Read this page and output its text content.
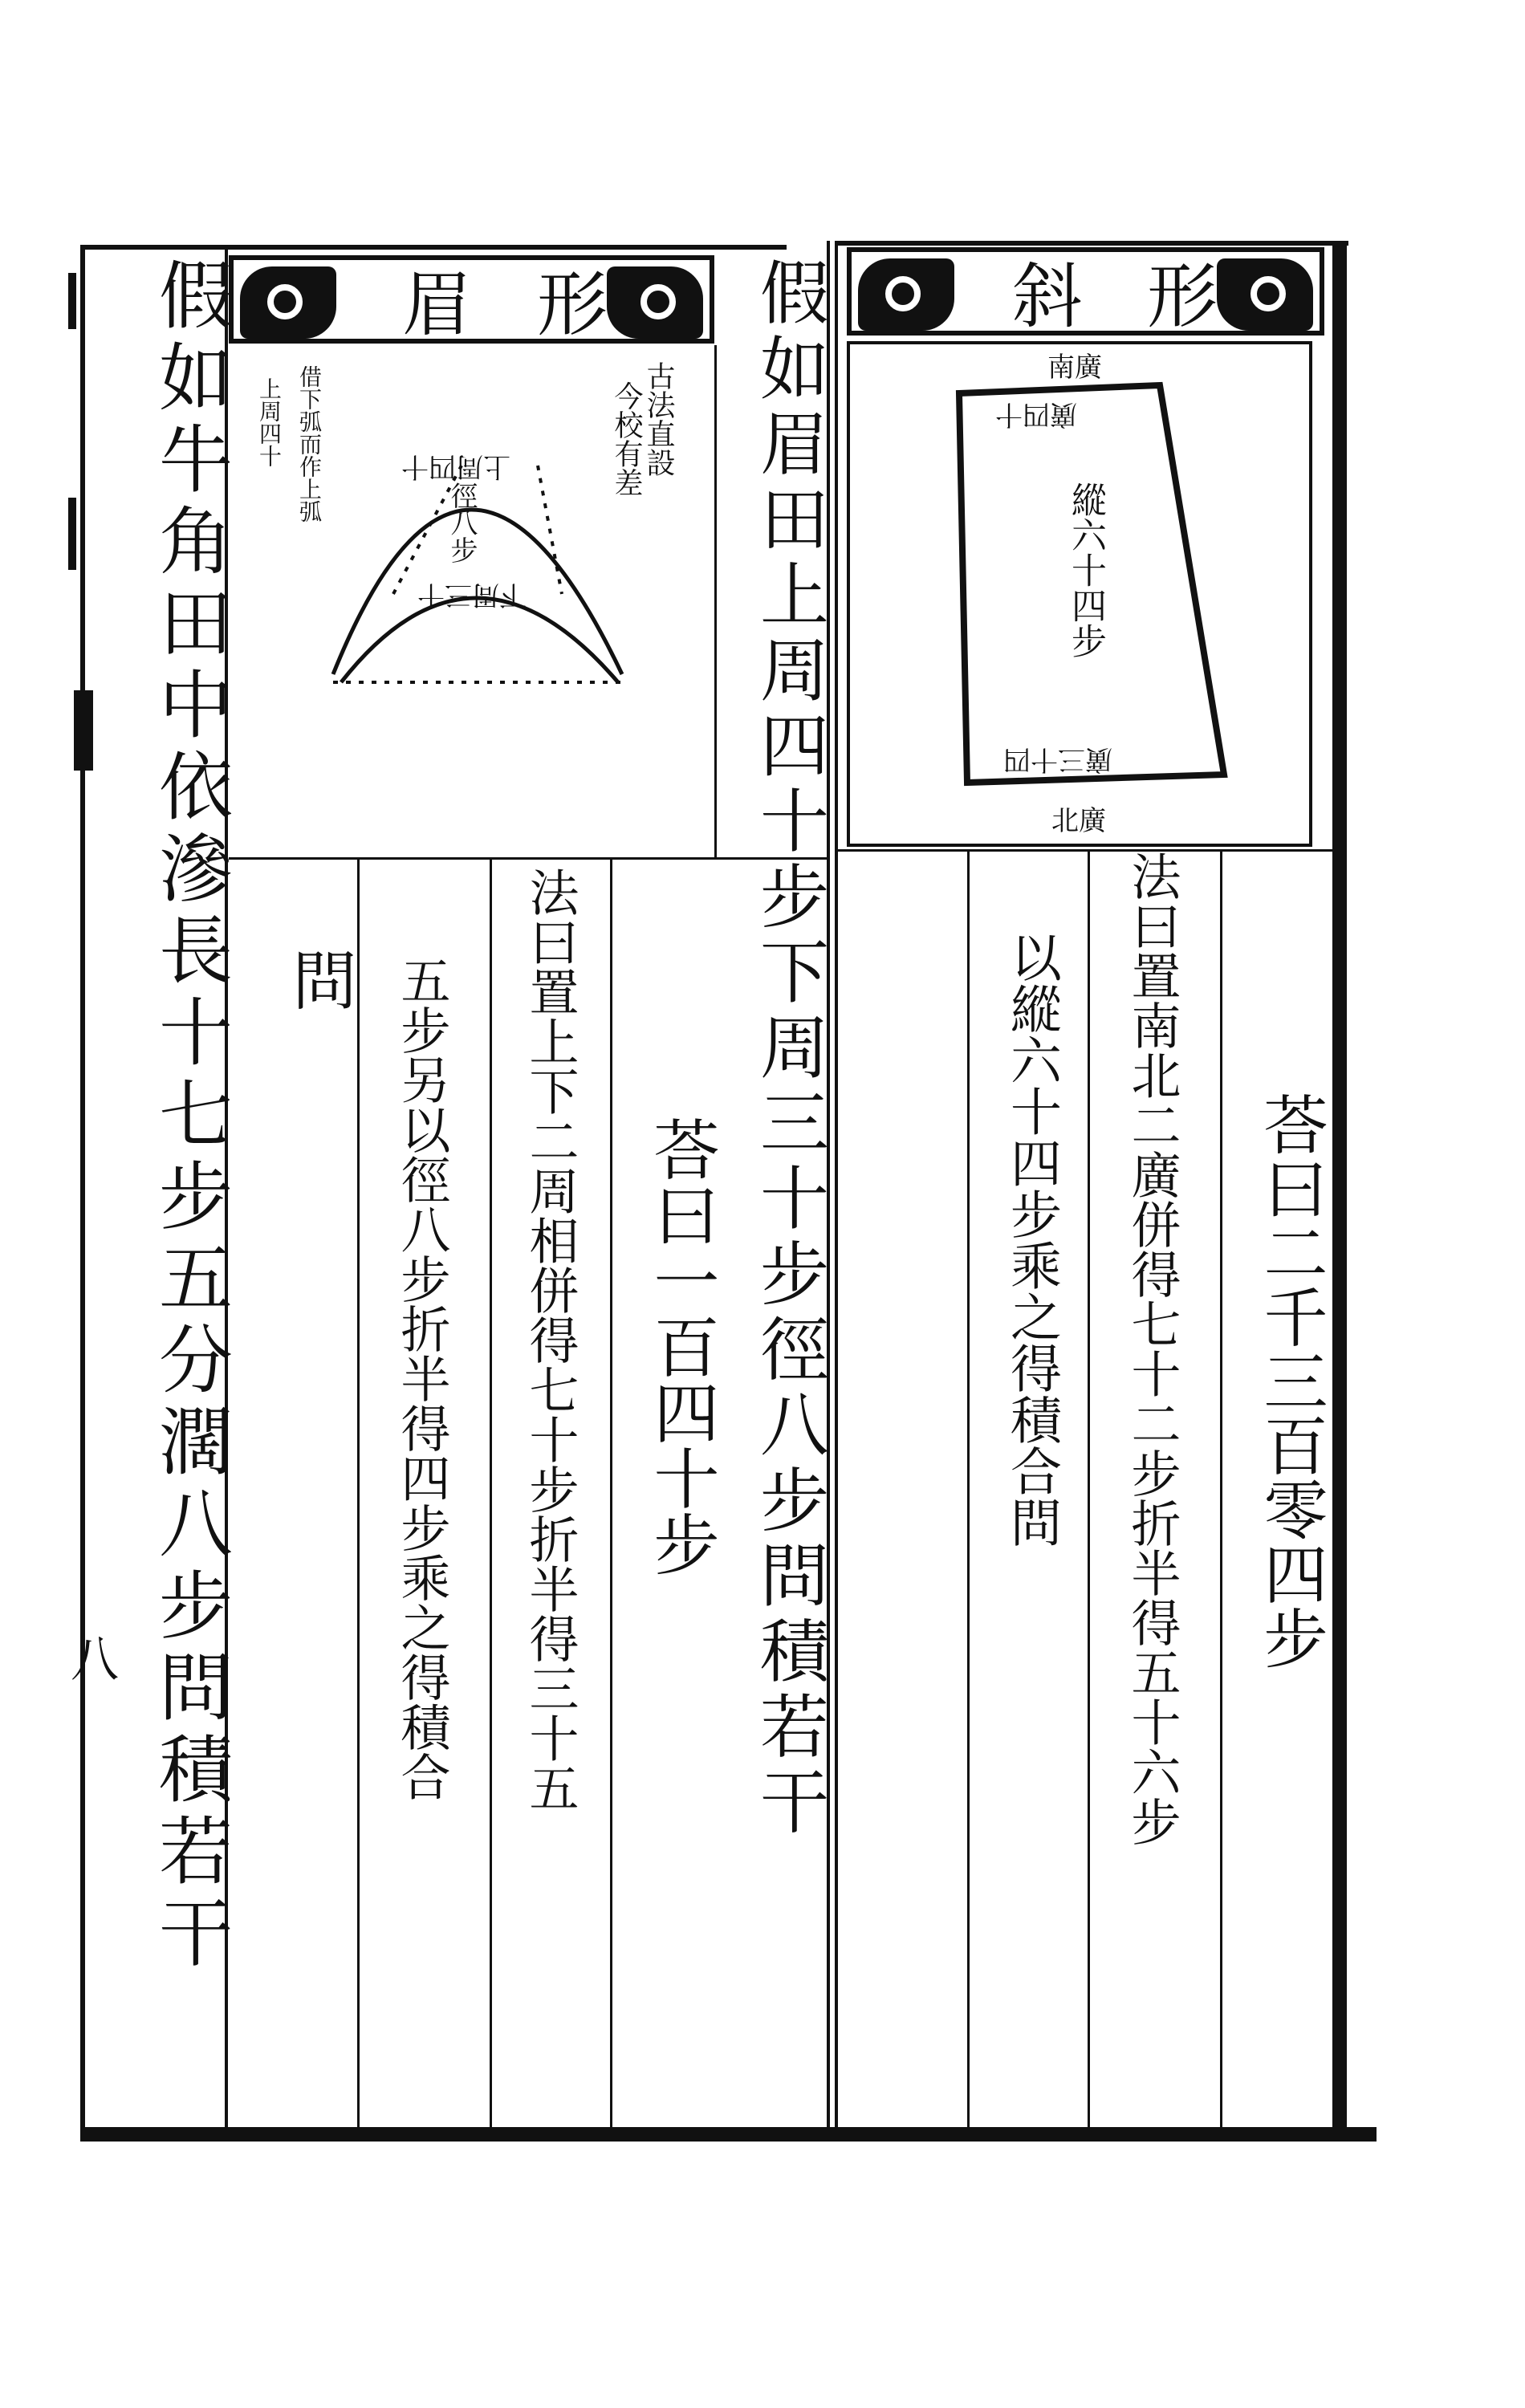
眉形
古法直設
今校有差
借下弧而作上弧
上周四十	上周四十
徑八步
下周三十
問 五步另以徑八步折半得四步乘之得積合 法曰置上下二周相併得七十步折半得三十五 荅曰一百四十步
假如牛角田中依滲長十七步五分濶八步問積若干	假如眉田上周四十步下周三十步徑八步問積若干	斜形
南廣
廣四十
縱六十四步
廣三十四
北廣
以縱六十四步乘之得積合問 法曰置南北二廣併得七十二步折半得五十六步 荅曰二千三百零四步
八
